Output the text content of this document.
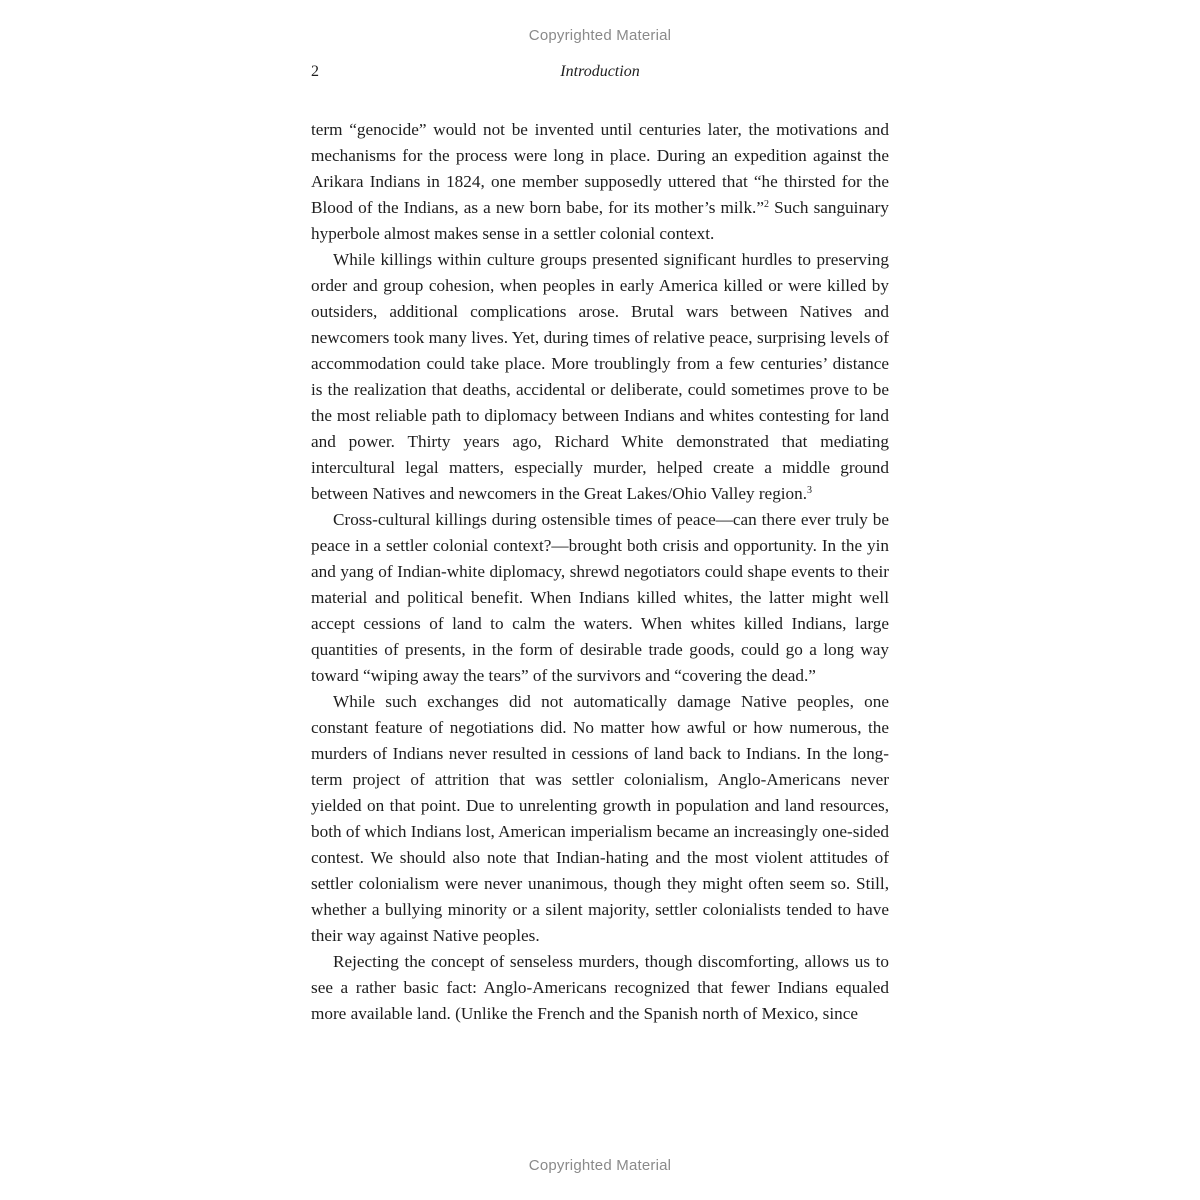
Copyrighted Material
2	Introduction

term “genocide” would not be invented until centuries later, the motivations and mechanisms for the process were long in place. During an expedition against the Arikara Indians in 1824, one member supposedly uttered that “he thirsted for the Blood of the Indians, as a new born babe, for its mother’s milk.”$^2$ Such sanguinary hyperbole almost makes sense in a settler colonial context.

While killings within culture groups presented significant hurdles to preserving order and group cohesion, when peoples in early America killed or were killed by outsiders, additional complications arose. Brutal wars between Natives and newcomers took many lives. Yet, during times of relative peace, surprising levels of accommodation could take place. More troublingly from a few centuries’ distance is the realization that deaths, accidental or deliberate, could sometimes prove to be the most reliable path to diplomacy between Indians and whites contesting for land and power. Thirty years ago, Richard White demonstrated that mediating intercultural legal matters, especially murder, helped create a middle ground between Natives and newcomers in the Great Lakes/Ohio Valley region.$^3$

Cross-cultural killings during ostensible times of peace—can there ever truly be peace in a settler colonial context?—brought both crisis and opportunity. In the yin and yang of Indian-white diplomacy, shrewd negotiators could shape events to their material and political benefit. When Indians killed whites, the latter might well accept cessions of land to calm the waters. When whites killed Indians, large quantities of presents, in the form of desirable trade goods, could go a long way toward “wiping away the tears” of the survivors and “covering the dead.”

While such exchanges did not automatically damage Native peoples, one constant feature of negotiations did. No matter how awful or how numerous, the murders of Indians never resulted in cessions of land back to Indians. In the long-term project of attrition that was settler colonialism, Anglo-Americans never yielded on that point. Due to unrelenting growth in population and land resources, both of which Indians lost, American imperialism became an increasingly one-sided contest. We should also note that Indian-hating and the most violent attitudes of settler colonialism were never unanimous, though they might often seem so. Still, whether a bullying minority or a silent majority, settler colonialists tended to have their way against Native peoples.

Rejecting the concept of senseless murders, though discomforting, allows us to see a rather basic fact: Anglo-Americans recognized that fewer Indians equaled more available land. (Unlike the French and the Spanish north of Mexico, since

Copyrighted Material
